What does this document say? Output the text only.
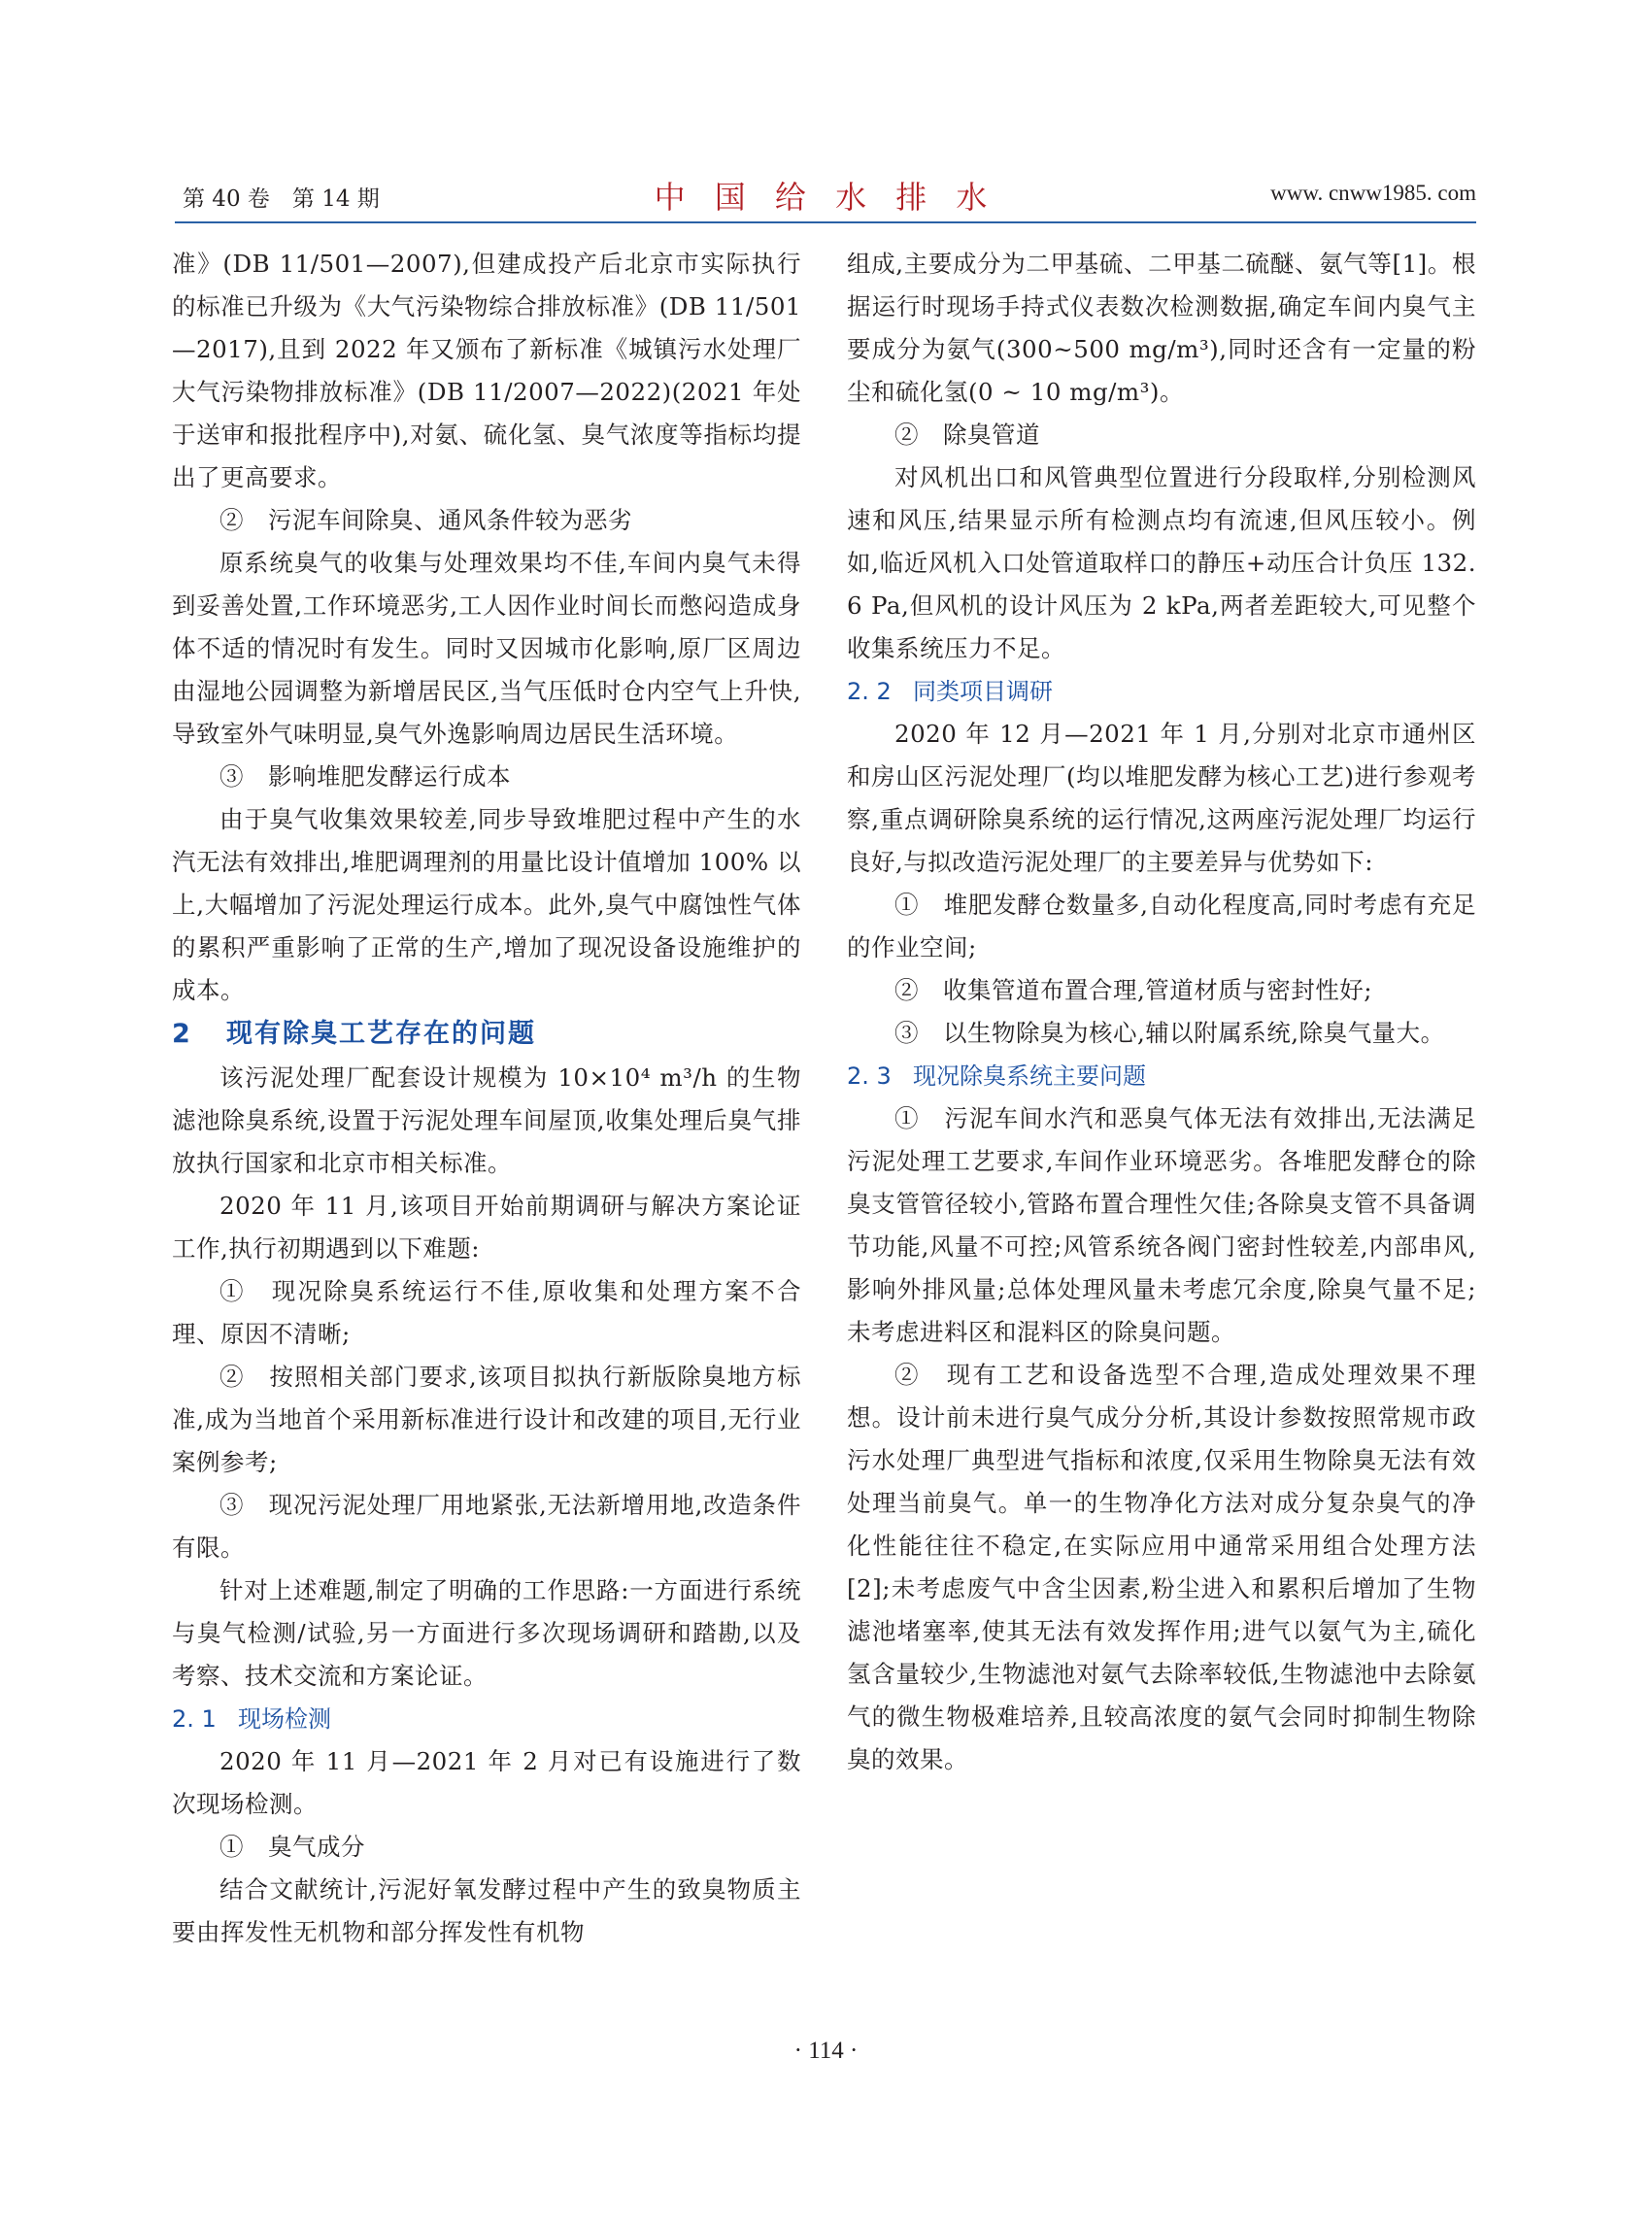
第 40 卷　第 14 期	中 国 给 水 排 水	www. cnww1985. com

准》(DB 11/501—2007),但建成投产后北京市实际执行的标准已升级为《大气污染物综合排放标准》(DB 11/501—2017),且到 2022 年又颁布了新标准《城镇污水处理厂大气污染物排放标准》(DB 11/2007—2022)(2021 年处于送审和报批程序中),对氨、硫化氢、臭气浓度等指标均提出了更高要求。

②　污泥车间除臭、通风条件较为恶劣

原系统臭气的收集与处理效果均不佳,车间内臭气未得到妥善处置,工作环境恶劣,工人因作业时间长而憋闷造成身体不适的情况时有发生。同时又因城市化影响,原厂区周边由湿地公园调整为新增居民区,当气压低时仓内空气上升快,导致室外气味明显,臭气外逸影响周边居民生活环境。

③　影响堆肥发酵运行成本

由于臭气收集效果较差,同步导致堆肥过程中产生的水汽无法有效排出,堆肥调理剂的用量比设计值增加 100% 以上,大幅增加了污泥处理运行成本。此外,臭气中腐蚀性气体的累积严重影响了正常的生产,增加了现况设备设施维护的成本。

2 现有除臭工艺存在的问题

该污泥处理厂配套设计规模为 10×10⁴ m³/h 的生物滤池除臭系统,设置于污泥处理车间屋顶,收集处理后臭气排放执行国家和北京市相关标准。

2020 年 11 月,该项目开始前期调研与解决方案论证工作,执行初期遇到以下难题:

①　现况除臭系统运行不佳,原收集和处理方案不合理、原因不清晰;

②　按照相关部门要求,该项目拟执行新版除臭地方标准,成为当地首个采用新标准进行设计和改建的项目,无行业案例参考;

③　现况污泥处理厂用地紧张,无法新增用地,改造条件有限。

针对上述难题,制定了明确的工作思路:一方面进行系统与臭气检测/试验,另一方面进行多次现场调研和踏勘,以及考察、技术交流和方案论证。

2. 1 现场检测

2020 年 11 月—2021 年 2 月对已有设施进行了数次现场检测。

①　臭气成分

结合文献统计,污泥好氧发酵过程中产生的致臭物质主要由挥发性无机物和部分挥发性有机物

组成,主要成分为二甲基硫、二甲基二硫醚、氨气等[1]。根据运行时现场手持式仪表数次检测数据,确定车间内臭气主要成分为氨气(300~500 mg/m³),同时还含有一定量的粉尘和硫化氢(0 ~ 10 mg/m³)。

②　除臭管道

对风机出口和风管典型位置进行分段取样,分别检测风速和风压,结果显示所有检测点均有流速,但风压较小。例如,临近风机入口处管道取样口的静压+动压合计负压 132. 6 Pa,但风机的设计风压为 2 kPa,两者差距较大,可见整个收集系统压力不足。

2. 2 同类项目调研

2020 年 12 月—2021 年 1 月,分别对北京市通州区和房山区污泥处理厂(均以堆肥发酵为核心工艺)进行参观考察,重点调研除臭系统的运行情况,这两座污泥处理厂均运行良好,与拟改造污泥处理厂的主要差异与优势如下:

①　堆肥发酵仓数量多,自动化程度高,同时考虑有充足的作业空间;

②　收集管道布置合理,管道材质与密封性好;

③　以生物除臭为核心,辅以附属系统,除臭气量大。

2. 3 现况除臭系统主要问题

①　污泥车间水汽和恶臭气体无法有效排出,无法满足污泥处理工艺要求,车间作业环境恶劣。各堆肥发酵仓的除臭支管管径较小,管路布置合理性欠佳;各除臭支管不具备调节功能,风量不可控;风管系统各阀门密封性较差,内部串风,影响外排风量;总体处理风量未考虑冗余度,除臭气量不足;未考虑进料区和混料区的除臭问题。

②　现有工艺和设备选型不合理,造成处理效果不理想。设计前未进行臭气成分分析,其设计参数按照常规市政污水处理厂典型进气指标和浓度,仅采用生物除臭无法有效处理当前臭气。单一的生物净化方法对成分复杂臭气的净化性能往往不稳定,在实际应用中通常采用组合处理方法[2];未考虑废气中含尘因素,粉尘进入和累积后增加了生物滤池堵塞率,使其无法有效发挥作用;进气以氨气为主,硫化氢含量较少,生物滤池对氨气去除率较低,生物滤池中去除氨气的微生物极难培养,且较高浓度的氨气会同时抑制生物除臭的效果。

· 114 ·
